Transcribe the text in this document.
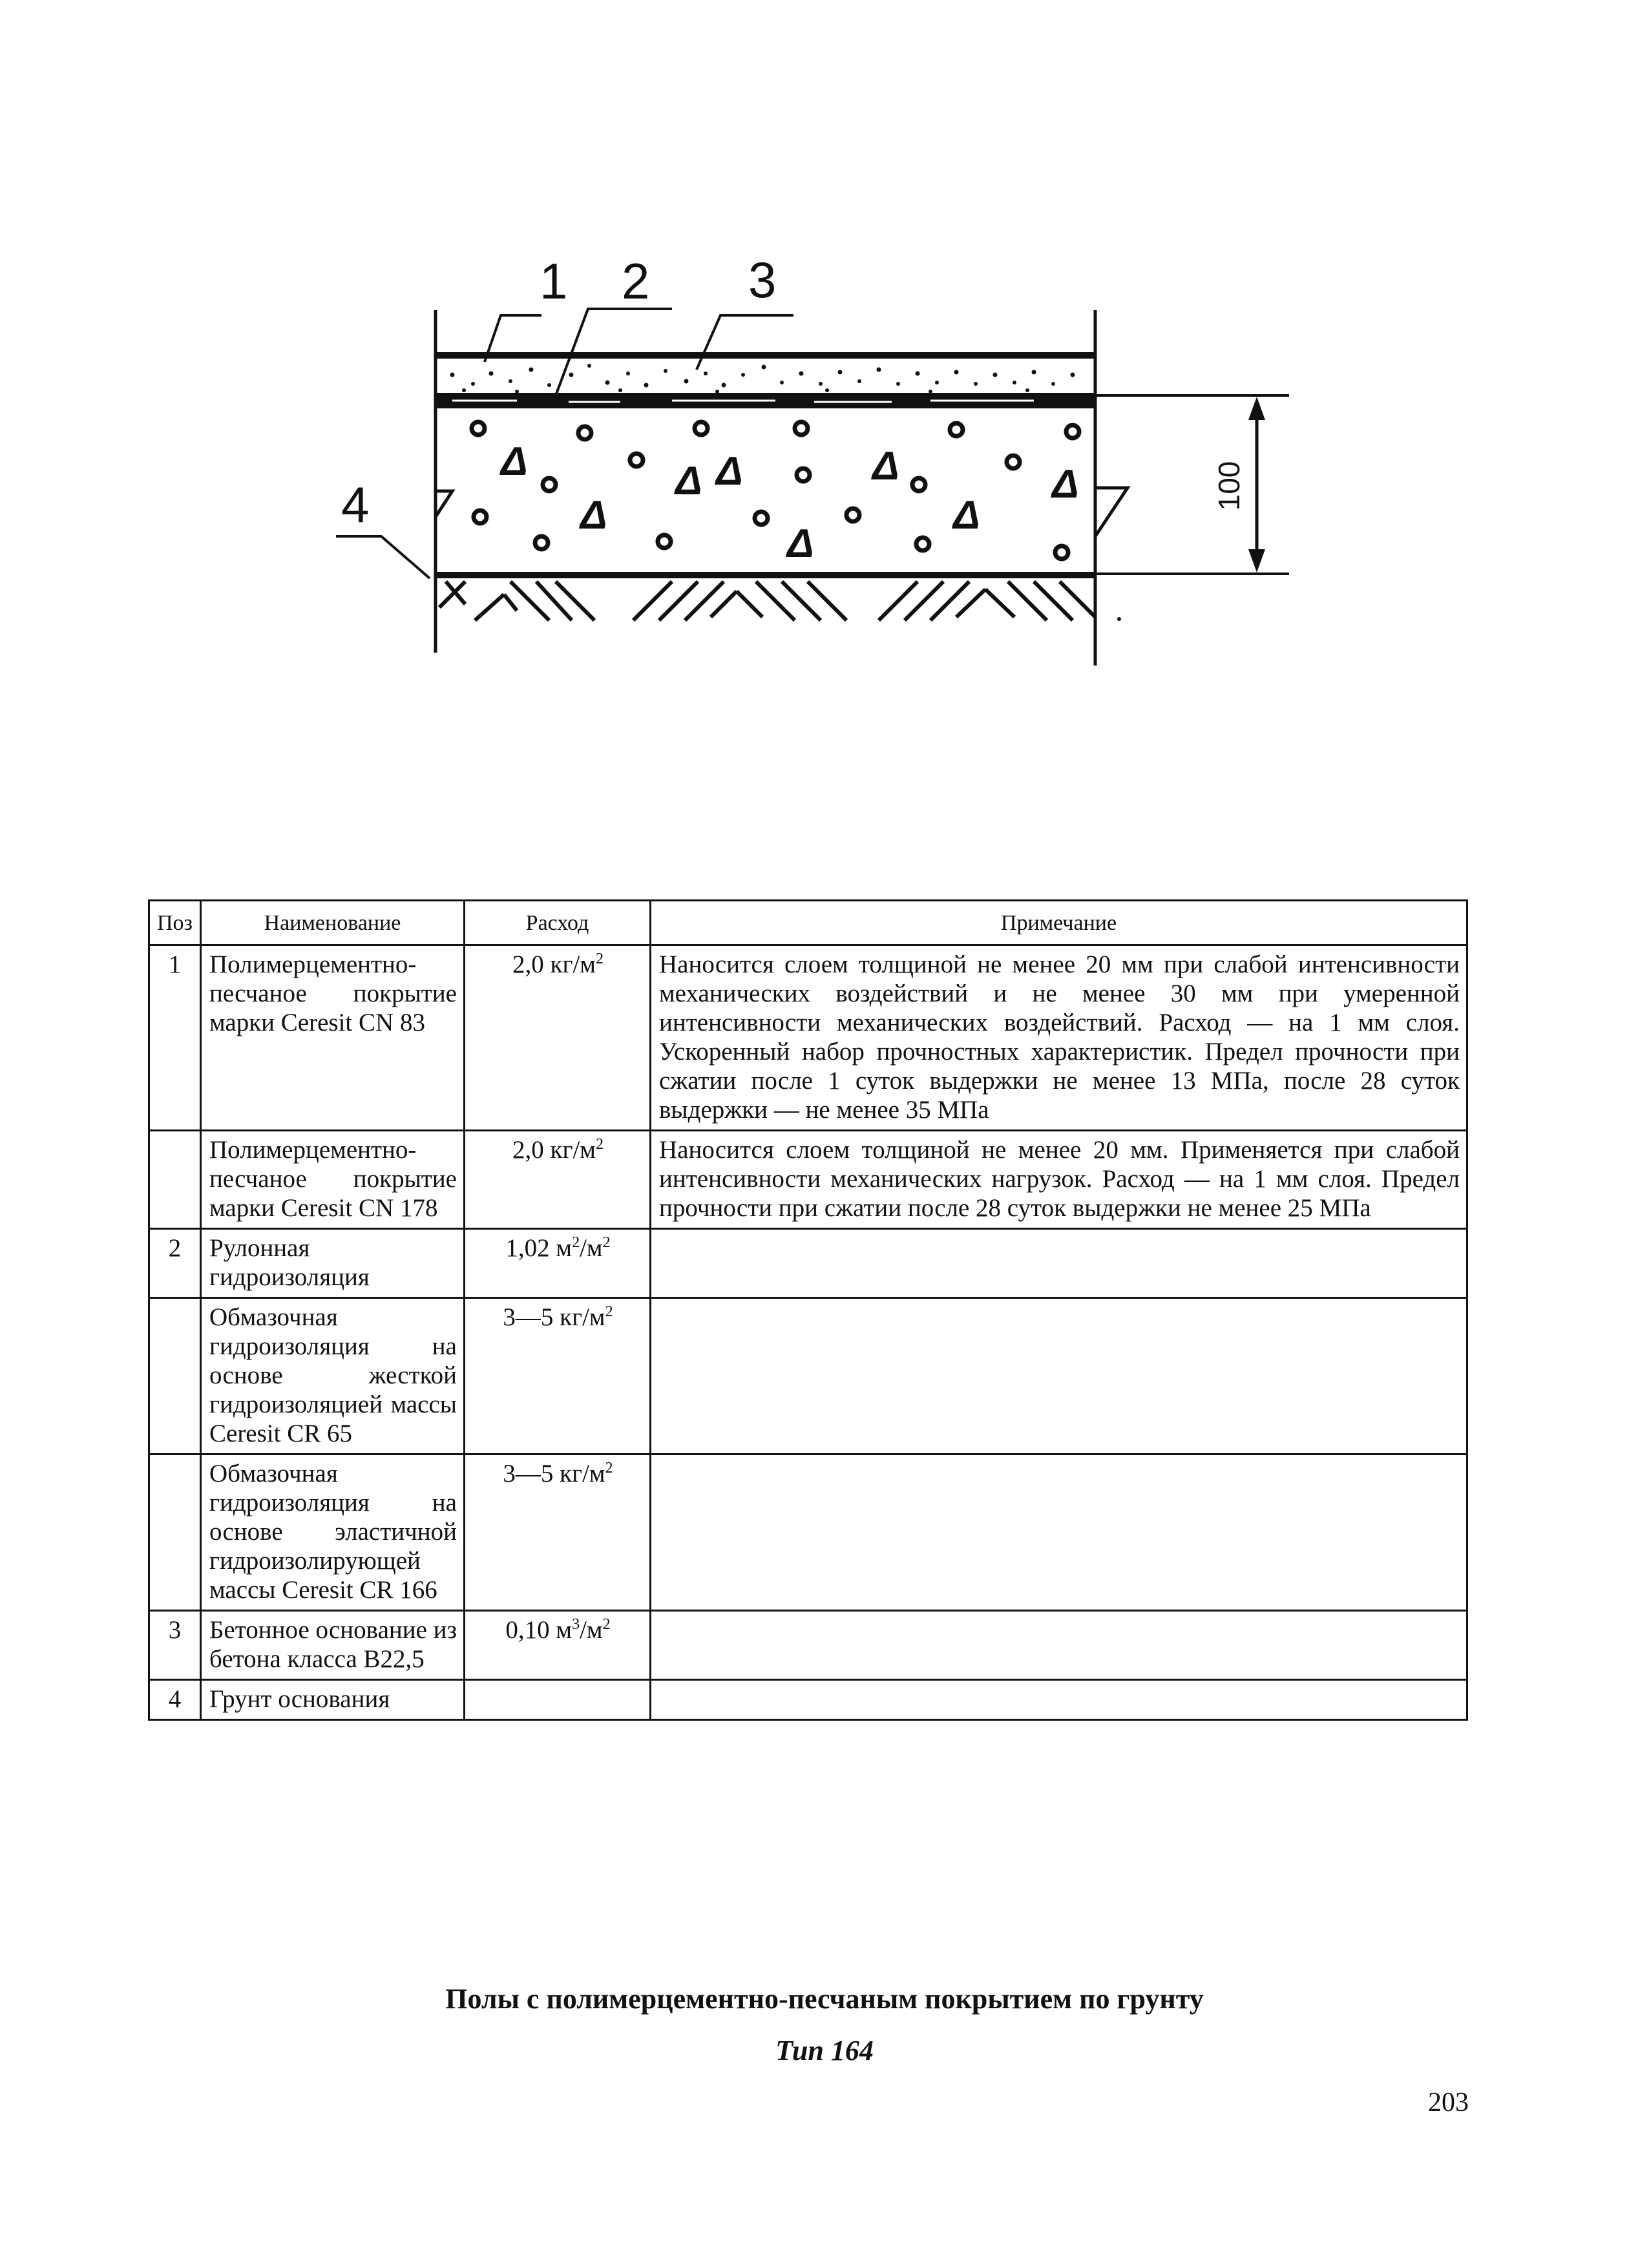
Δ	Δ Δ	Δ	Δ
Δ	Δ
Δ
100
1 2 3
4
Поз	Наименование	Расход	Примечание
1	Полимерцементно-песчаное покрытие марки Ceresit CN 83	2,0 $кг/м^2$	Наносится слоем толщиной не менее 20 мм при слабой интенсивности механических воздействий и не менее 30 мм при умеренной интенсивности механических воздействий. Расход — на 1 мм слоя. Ускоренный набор прочностных характеристик. Предел прочности при сжатии после 1 суток выдержки не менее 13 МПа, после 28 суток выдержки — не менее 35 МПа
	Полимерцементно-песчаное покрытие марки Ceresit CN 178	2,0 $кг/м^2$	Наносится слоем толщиной не менее 20 мм. Применяется при слабой интенсивности механических нагрузок. Расход — на 1 мм слоя. Предел прочности при сжатии после 28 суток выдержки не менее 25 МПа
2	Рулонная гидроизоляция	1,02 $м^2/м^2$	
	Обмазочная гидроизоляция на основе жесткой гидроизоляцией массы Ceresit CR 65	3—5 $кг/м^2$	
	Обмазочная гидроизоляция на основе эластичной гидроизолирующей массы Ceresit CR 166	3—5 $кг/м^2$	
3	Бетонное основание из бетона класса В22,5	0,10 $м^3/м^2$	
4	Грунт основания		
Полы с полимерцементно-песчаным покрытием по грунту
Тип 164
203
